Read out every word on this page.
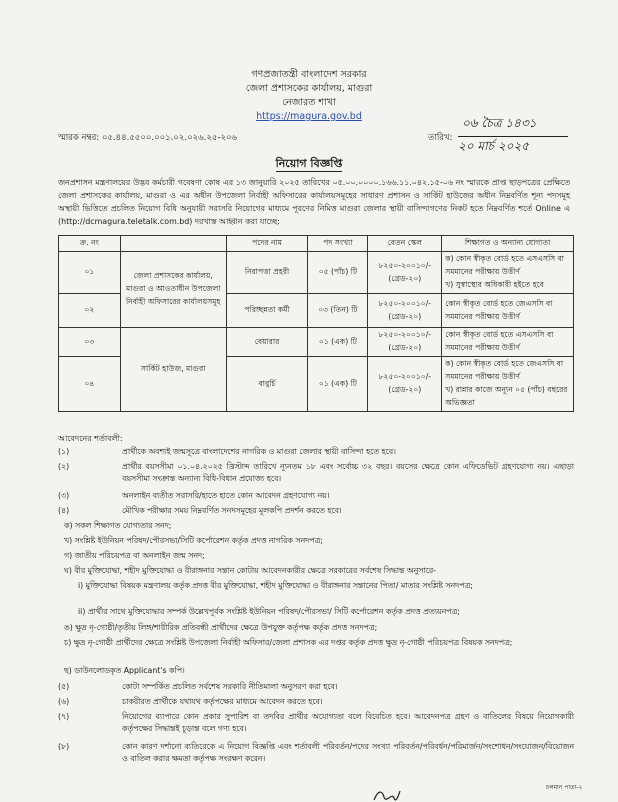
গণপ্রজাতন্ত্রী বাংলাদেশ সরকার
জেলা প্রশাসকের কার্যালয়, মাগুরা
নেজারত শাখা
https://magura.gov.bd
স্মারক নম্বর: ০৫.৪৪.৫৫০০.০০১.০২.০২৬.২৫-২০৬	তারিখ:
০৬ চৈত্র ১৪৩১
২০ মার্চ ২০২৫
নিয়োগ বিজ্ঞপ্তি
জনপ্রশাসন মন্ত্রণালয়ের উদ্ভব কর্মচারী গবেষণা কোষ এর ১৩ জানুয়ারি ২০২৫ তারিখের ০৫.০০.০০০০.১৬৬.১১.০৪২.১৫-০৬ নং স্মারকে প্রাপ্ত ছাড়পত্রের প্রেক্ষিতে জেলা প্রশাসকের কার্যালয়, মাগুরা ও এর অধীন উপজেলা নির্বাহী অফিসারের কার্যালয়সমূহের সাধারণ প্রশাসন ও সার্কিট হাউজের অধীন নিম্নবর্ণিত শূন্য পদসমূহ অস্থায়ী ভিত্তিতে প্রচলিত নিয়োগ বিধি অনুযায়ী সরাসরি নিয়োগের মাধ্যমে পূরণের নিমিত্ত মাগুরা জেলার স্থায়ী বাসিন্দাগণের নিকট হতে নিম্নবর্ণিত শর্তে Online এ (http://dcmagura.teletalk.com.bd) দরখাস্ত আহ্বান করা যাচ্ছে:
ক্র. নং		পদের নাম	পদ সংখ্যা	বেতন স্কেল	শিক্ষাগত ও অন্যান্য যোগ্যতা
০১	জেলা প্রশাসকের কার্যালয়, মাগুরা ও আওতাধীন উপজেলা নির্বাহী অফিসারের কার্যালয়সমূহ	নিরাপত্তা প্রহরী	০৫ (পাঁচ) টি	৮২৫০-২০০১০/-
(গ্রেড-২০)	ক) কোন স্বীকৃত বোর্ড হতে এসএসসি বা সমমানের পরীক্ষায় উত্তীর্ণ
খ) সুস্বাস্থ্যের অধিকারী হইতে হবে
০২		পরিচ্ছন্নতা কর্মী	০৩ (তিন) টি	৮২৫০-২০০১০/-
(গ্রেড-২০)	কোন স্বীকৃত বোর্ড হতে জেএসসি বা সমমানের পরীক্ষায় উত্তীর্ণ
০৩	সার্কিট হাউজ, মাগুরা	বেয়ারার	০১ (এক) টি	৮২৫০-২০০১০/-
(গ্রেড-২০)	কোন স্বীকৃত বোর্ড হতে এসএসসি বা সমমানের পরীক্ষায় উত্তীর্ণ
০৪		বাবুর্চি	০১ (এক) টি	৮২৫০-২০০১০/-
(গ্রেড-২০)	ক) কোন স্বীকৃত বোর্ড হতে জেএসসি বা সমমানের পরীক্ষায় উত্তীর্ণ
খ) রান্নার কাজে অন্যূন ০৫ (পাঁচ) বছরের অভিজ্ঞতা
আবেদনের শর্তাবলী:
(১)	প্রার্থীকে অবশ্যই জন্মসূত্রে বাংলাদেশের নাগরিক ও মাগুরা জেলার স্থায়ী বাসিন্দা হতে হবে।
(২)	প্রার্থীর বয়সসীমা ০১.০৪.২০২৫ খ্রিস্টাব্দ তারিখে ন্যূনতম ১৮ এবং সর্বোচ্চ ৩২ বছর। বয়সের ক্ষেত্রে কোন এফিডেভিট গ্রহণযোগ্য নয়। এছাড়া বয়সসীমা সংক্রান্ত অন্যান্য বিধি-বিধান প্রযোজ্য হবে।
(৩)	অনলাইন ব্যতীত সরাসরি/হাতে হাতে কোন আবেদন গ্রহণযোগ্য নয়।
(৪)	মৌখিক পরীক্ষার সময় নিম্নবর্ণিত সনদসমূহের মূলকপি প্রদর্শন করতে হবে।
ক) সকল শিক্ষাগত যোগ্যতার সনদ;
খ) সংশ্লিষ্ট ইউনিয়ন পরিষদ/পৌরসভা/সিটি কর্পোরেশন কর্তৃক প্রদত্ত নাগরিক সনদপত্র;
গ) জাতীয় পরিচয়পত্র বা অনলাইন জন্ম সনদ;
ঘ) বীর মুক্তিযোদ্ধা, শহীদ মুক্তিযোদ্ধা ও বীরাঙ্গনার সন্তান কোটায় আবেদনকারীর ক্ষেত্রে সরকারের সর্বশেষ সিদ্ধান্ত অনুসারে-
i) মুক্তিযোদ্ধা বিষয়ক মন্ত্রণালয় কর্তৃক প্রদত্ত বীর মুক্তিযোদ্ধা, শহীদ মুক্তিযোদ্ধা ও বীরাঙ্গনার সন্তানের পিতা/ মাতার সংশ্লিষ্ট সনদপত্র;
ii) প্রার্থীর সাথে মুক্তিযোদ্ধার সম্পর্ক উল্লেখপূর্বক সংশ্লিষ্ট ইউনিয়ন পরিষদ/পৌরসভা/ সিটি কর্পোরেশন কর্তৃক প্রদত্ত প্রত্যয়নপত্র;
ঙ) ক্ষুদ্র নৃ-গোষ্ঠী/তৃতীয় লিঙ্গ/শারীরিক প্রতিবন্ধী প্রার্থীদের ক্ষেত্রে উপযুক্ত কর্তৃপক্ষ কর্তৃক প্রদত্ত সনদপত্র;
চ) ক্ষুদ্র নৃ-গোষ্ঠী প্রার্থীদের ক্ষেত্রে সংশ্লিষ্ট উপজেলা নির্বাহী অফিসার/জেলা প্রশাসক এর দপ্তর কর্তৃক প্রদত্ত ক্ষুদ্র নৃ-গোষ্ঠী পরিচয়পত্র বিষয়ক সনদপত্র;
ছ) ডাউনলোডকৃত Applicant's কপি।
(৫)	কোটা সম্পর্কিত প্রচলিত সর্বশেষ সরকারি নীতিমালা অনুসরণ করা হবে।
(৬)	চাকরীরত প্রার্থীকে যথাযথ কর্তৃপক্ষের মাধ্যমে আবেদন করতে হবে।
(৭)	নিয়োগের ব্যাপারে কোন প্রকার সুপারিশ বা তদবির প্রার্থীর অযোগ্যতা বলে বিবেচিত হবে। আবেদনপত্র গ্রহণ ও বাতিলের বিষয়ে নিয়োগকারী কর্তৃপক্ষের সিদ্ধান্তই চূড়ান্ত বলে গণ্য হবে।
(৮)	কোন কারণ দর্শানো ব্যতিরেকে এ নিয়োগ বিজ্ঞপ্তি এবং শর্তাবলী পরিবর্তন/পদের সংখ্যা পরিবর্তন/পরিবর্ধন/পরিমার্জন/সংশোধন/সংযোজন/বিয়োজন ও বাতিল করার ক্ষমতা কর্তৃপক্ষ সংরক্ষণ করেন।
চলমান পাতা-২
